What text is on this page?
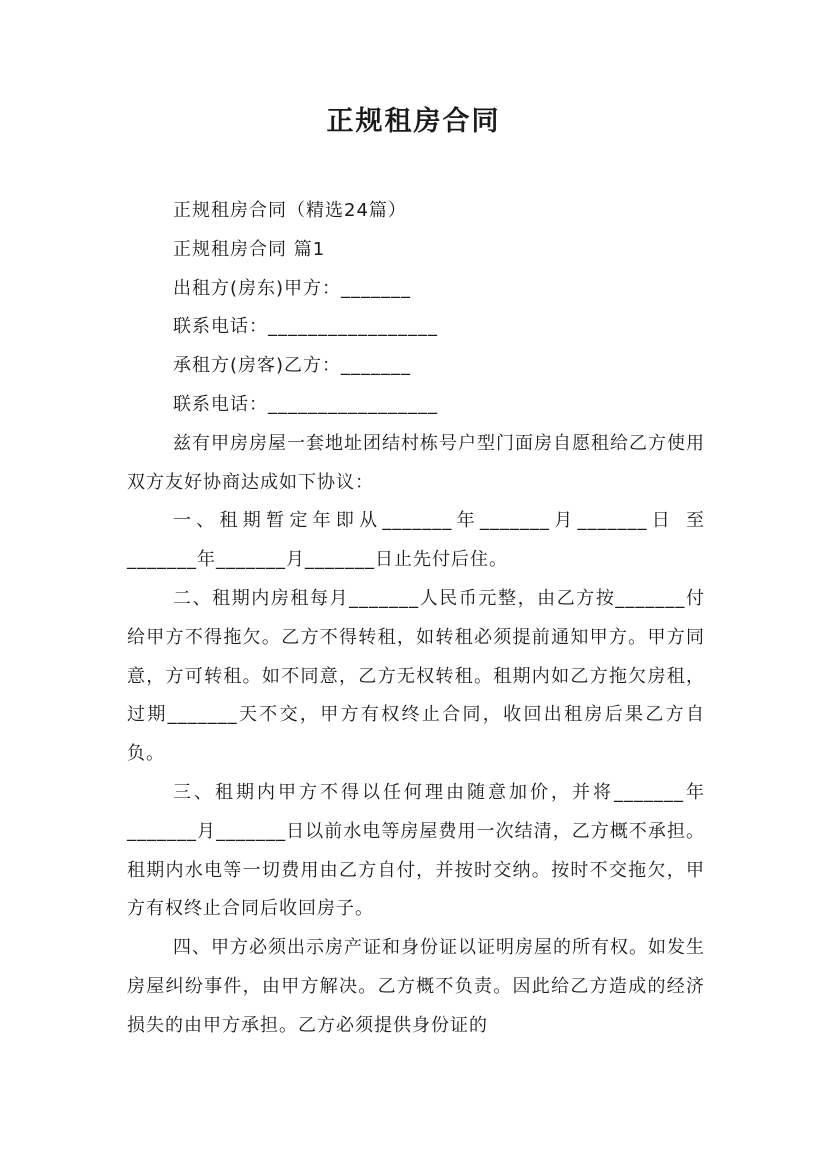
正规租房合同

正规租房合同（精选24篇）

正规租房合同 篇1

出租方(房东)甲方：_______

联系电话：_________________

承租方(房客)乙方：_______

联系电话：_________________

兹有甲房房屋一套地址团结村栋号户型门面房自愿租给乙方使用双方友好协商达成如下协议：

一、租期暂定年即从_______年_______月_______日 至_______年_______月_______日止先付后住。

二、租期内房租每月_______人民币元整，由乙方按_______付给甲方不得拖欠。乙方不得转租，如转租必须提前通知甲方。甲方同意，方可转租。如不同意，乙方无权转租。租期内如乙方拖欠房租，过期_______天不交，甲方有权终止合同，收回出租房后果乙方自负。

三、租期内甲方不得以任何理由随意加价，并将_______年_______月_______日以前水电等房屋费用一次结清，乙方概不承担。租期内水电等一切费用由乙方自付，并按时交纳。按时不交拖欠，甲方有权终止合同后收回房子。

四、甲方必须出示房产证和身份证以证明房屋的所有权。如发生房屋纠纷事件，由甲方解决。乙方概不负责。因此给乙方造成的经济损失的由甲方承担。乙方必须提供身份证的
